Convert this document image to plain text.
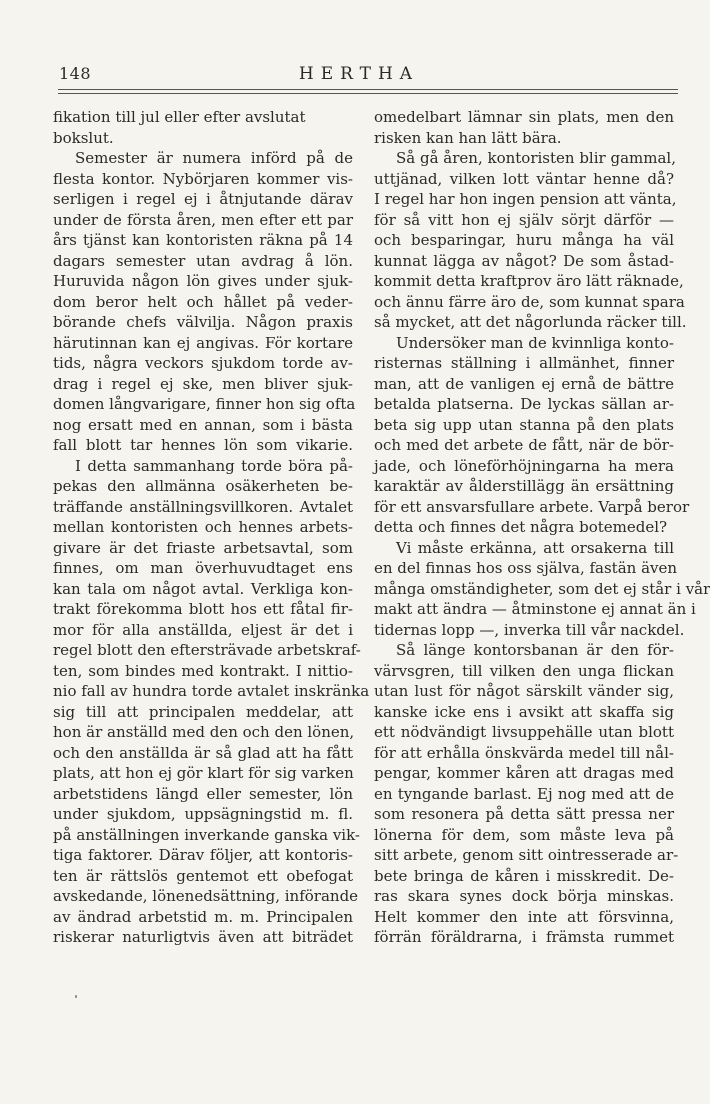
148	HERTHA
fikation till jul eller efter avslutat
bokslut.
Semester är numera införd på de
flesta kontor. Nybörjaren kommer vis-
serligen i regel ej i åtnjutande därav
under de första åren, men efter ett par
års tjänst kan kontoristen räkna på 14
dagars semester utan avdrag å lön.
Huruvida någon lön gives under sjuk-
dom beror helt och hållet på veder-
börande chefs välvilja. Någon praxis
härutinnan kan ej angivas. För kortare
tids, några veckors sjukdom torde av-
drag i regel ej ske, men bliver sjuk-
domen långvarigare, finner hon sig ofta
nog ersatt med en annan, som i bästa
fall blott tar hennes lön som vikarie.
I detta sammanhang torde böra på-
pekas den allmänna osäkerheten be-
träffande anställningsvillkoren. Avtalet
mellan kontoristen och hennes arbets-
givare är det friaste arbetsavtal, som
finnes, om man överhuvudtaget ens
kan tala om något avtal. Verkliga kon-
trakt förekomma blott hos ett fåtal fir-
mor för alla anställda, eljest är det i
regel blott den eftersträvade arbetskraf-
ten, som bindes med kontrakt. I nittio-
nio fall av hundra torde avtalet inskränka
sig till att principalen meddelar, att
hon är anställd med den och den lönen,
och den anställda är så glad att ha fått
plats, att hon ej gör klart för sig varken
arbetstidens längd eller semester, lön
under sjukdom, uppsägningstid m. fl.
på anställningen inverkande ganska vik-
tiga faktorer. Därav följer, att kontoris-
ten är rättslös gentemot ett obefogat
avskedande, lönenedsättning, införande
av ändrad arbetstid m. m. Principalen
riskerar naturligtvis även att biträdet
omedelbart lämnar sin plats, men den
risken kan han lätt bära.
Så gå åren, kontoristen blir gammal,
uttjänad, vilken lott väntar henne då?
I regel har hon ingen pension att vänta,
för så vitt hon ej själv sörjt därför —
och besparingar, huru många ha väl
kunnat lägga av något? De som åstad-
kommit detta kraftprov äro lätt räknade,
och ännu färre äro de, som kunnat spara
så mycket, att det någorlunda räcker till.
Undersöker man de kvinnliga konto-
risternas ställning i allmänhet, finner
man, att de vanligen ej ernå de bättre
betalda platserna. De lyckas sällan ar-
beta sig upp utan stanna på den plats
och med det arbete de fått, när de bör-
jade, och löneförhöjningarna ha mera
karaktär av ålderstillägg än ersättning
för ett ansvarsfullare arbete. Varpå beror
detta och finnes det några botemedel?
Vi måste erkänna, att orsakerna till
en del finnas hos oss själva, fastän även
många omständigheter, som det ej står i vår
makt att ändra — åtminstone ej annat än i
tidernas lopp —, inverka till vår nackdel.
Så länge kontorsbanan är den för-
värvsgren, till vilken den unga flickan
utan lust för något särskilt vänder sig,
kanske icke ens i avsikt att skaffa sig
ett nödvändigt livsuppehälle utan blott
för att erhålla önskvärda medel till nål-
pengar, kommer kåren att dragas med
en tyngande barlast. Ej nog med att de
som resonera på detta sätt pressa ner
lönerna för dem, som måste leva på
sitt arbete, genom sitt ointresserade ar-
bete bringa de kåren i misskredit. De-
ras skara synes dock börja minskas.
Helt kommer den inte att försvinna,
förrän föräldrarna, i främsta rummet
